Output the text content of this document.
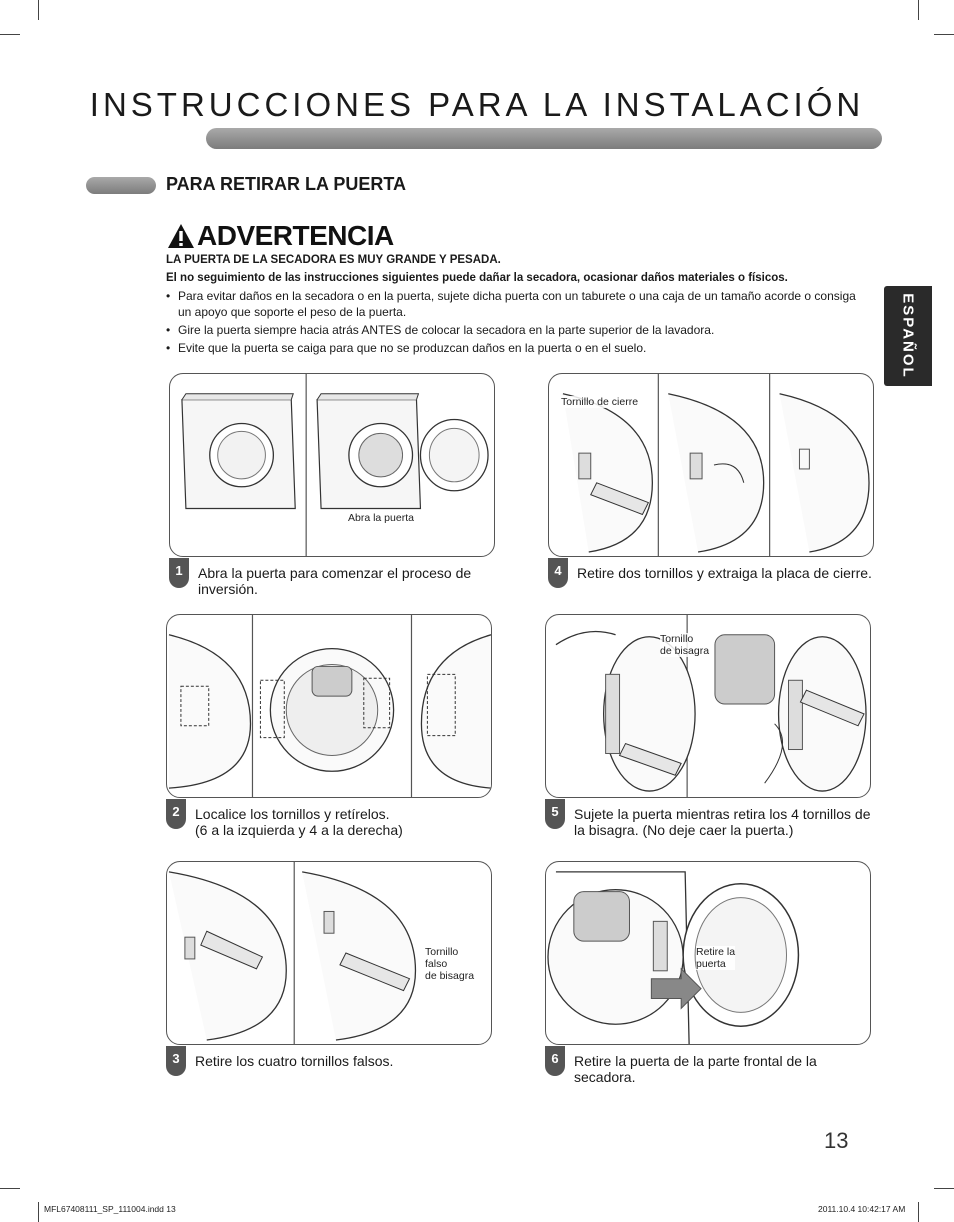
INSTRUCCIONES PARA LA INSTALACIÓN
PARA RETIRAR LA PUERTA
ESPAÑOL
ADVERTENCIA

LA PUERTA DE LA SECADORA ES MUY GRANDE Y PESADA.

El no seguimiento de las instrucciones siguientes puede dañar la secadora, ocasionar daños materiales o físicos.

• Para evitar daños en la secadora o en la puerta, sujete dicha puerta con un taburete o una caja de un tamaño acorde o consiga un apoyo que soporte el peso de la puerta.
• Gire la puerta siempre hacia atrás ANTES de colocar la secadora en la parte superior de la lavadora.
• Evite que la puerta se caiga para que no se produzcan daños en la puerta o en el suelo.
Abra la puerta
1	Abra la puerta para comenzar el proceso de inversión.

2	Localice los tornillos y retírelos.

(6 a la izquierda y 4 a la derecha)

Tornillo
falso
de bisagra
3	Retire los cuatro tornillos falsos.

Tornillo de cierre
4	Retire dos tornillos y extraiga la placa de cierre.

Tornillo
de bisagra
5	Sujete la puerta mientras retira los 4 tornillos de la bisagra. (No deje caer la puerta.)

Retire la
puerta
6	Retire la puerta de la parte frontal de la secadora.

13
MFL67408111_SP_111004.indd 13	2011.10.4 10:42:17 AM
